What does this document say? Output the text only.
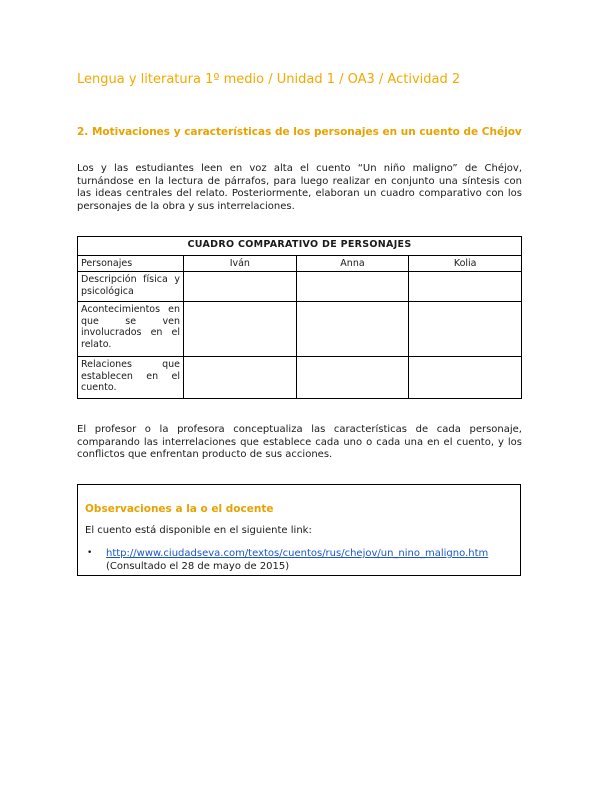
Lengua y literatura 1º medio / Unidad 1 / OA3 / Actividad 2
2. Motivaciones y características de los personajes en un cuento de Chéjov
Los y las estudiantes leen en voz alta el cuento “Un niño maligno” de Chéjov, turnándose en la lectura de párrafos, para luego realizar en conjunto una síntesis con las ideas centrales del relato. Posteriormente, elaboran un cuadro comparativo con los personajes de la obra y sus interrelaciones.
CUADRO COMPARATIVO DE PERSONAJES			
Personajes	Iván	Anna	Kolia
Descripción física y psicológica			
Acontecimientos en que se ven involucrados en el relato.			
Relaciones que establecen en el cuento.			
El profesor o la profesora conceptualiza las características de cada personaje, comparando las interrelaciones que establece cada uno o cada una en el cuento, y los conflictos que enfrentan producto de sus acciones.
Observaciones a la o el docente
El cuento está disponible en el siguiente link:
• http://www.ciudadseva.com/textos/cuentos/rus/chejov/un_nino_maligno.htm
(Consultado el 28 de mayo de 2015)
